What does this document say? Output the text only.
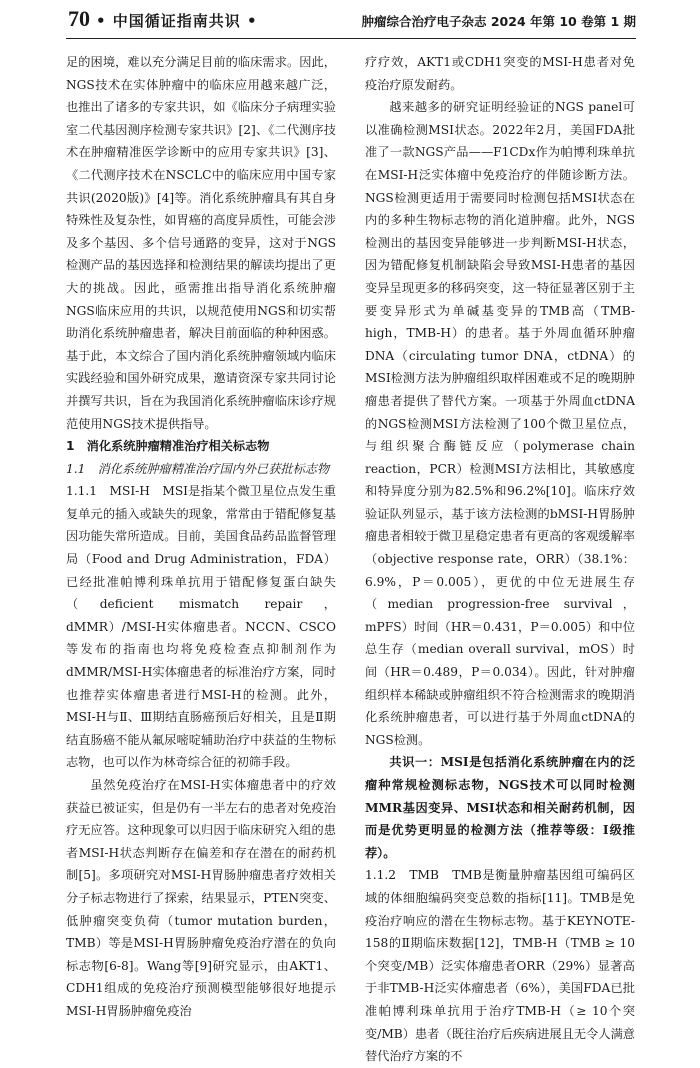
70 • 中国循证指南共识 •	肿瘤综合治疗电子杂志 2024 年第 10 卷第 1 期

足的困境，难以充分满足目前的临床需求。因此，NGS技术在实体肿瘤中的临床应用越来越广泛，也推出了诸多的专家共识，如《临床分子病理实验室二代基因测序检测专家共识》[2]、《二代测序技术在肿瘤精准医学诊断中的应用专家共识》[3]、《二代测序技术在NSCLC中的临床应用中国专家共识(2020版)》[4]等。消化系统肿瘤具有其自身特殊性及复杂性，如胃癌的高度异质性，可能会涉及多个基因、多个信号通路的变异，这对于NGS检测产品的基因选择和检测结果的解读均提出了更大的挑战。因此，亟需推出指导消化系统肿瘤NGS临床应用的共识，以规范使用NGS和切实帮助消化系统肿瘤患者，解决目前面临的种种困惑。基于此，本文综合了国内消化系统肿瘤领域内临床实践经验和国外研究成果，邀请资深专家共同讨论并撰写共识，旨在为我国消化系统肿瘤临床诊疗规范使用NGS技术提供指导。

1　消化系统肿瘤精准治疗相关标志物

1.1　消化系统肿瘤精准治疗国内外已获批标志物

1.1.1　MSI-H　MSI是指某个微卫星位点发生重复单元的插入或缺失的现象，常常由于错配修复基因功能失常所造成。目前，美国食品药品监督管理局（Food and Drug Administration，FDA）已经批准帕博利珠单抗用于错配修复蛋白缺失（deficient mismatch repair，dMMR）/MSI-H实体瘤患者。NCCN、CSCO等发布的指南也均将免疫检查点抑制剂作为dMMR/MSI-H实体瘤患者的标准治疗方案，同时也推荐实体瘤患者进行MSI-H的检测。此外，MSI-H与Ⅱ、Ⅲ期结直肠癌预后好相关，且是Ⅱ期结直肠癌不能从氟尿嘧啶辅助治疗中获益的生物标志物，也可以作为林奇综合征的初筛手段。

虽然免疫治疗在MSI-H实体瘤患者中的疗效获益已被证实，但是仍有一半左右的患者对免疫治疗无应答。这种现象可以归因于临床研究入组的患者MSI-H状态判断存在偏差和存在潜在的耐药机制[5]。多项研究对MSI-H胃肠肿瘤患者疗效相关分子标志物进行了探索，结果显示，PTEN突变、低肿瘤突变负荷（tumor mutation burden，TMB）等是MSI-H胃肠肿瘤免疫治疗潜在的负向标志物[6-8]。Wang等[9]研究显示，由AKT1、CDH1组成的免疫治疗预测模型能够很好地提示MSI-H胃肠肿瘤免疫治

疗疗效，AKT1或CDH1突变的MSI-H患者对免疫治疗原发耐药。

越来越多的研究证明经验证的NGS panel可以准确检测MSI状态。2022年2月，美国FDA批准了一款NGS产品——F1CDx作为帕博利珠单抗在MSI-H泛实体瘤中免疫治疗的伴随诊断方法。NGS检测更适用于需要同时检测包括MSI状态在内的多种生物标志物的消化道肿瘤。此外，NGS检测出的基因变异能够进一步判断MSI-H状态，因为错配修复机制缺陷会导致MSI-H患者的基因变异呈现更多的移码突变，这一特征显著区别于主要变异形式为单碱基变异的TMB高（TMB-high，TMB-H）的患者。基于外周血循环肿瘤DNA（circulating tumor DNA，ctDNA）的MSI检测方法为肿瘤组织取样困难或不足的晚期肿瘤患者提供了替代方案。一项基于外周血ctDNA的NGS检测MSI方法检测了100个微卫星位点，与组织聚合酶链反应（polymerase chain reaction，PCR）检测MSI方法相比，其敏感度和特异度分别为82.5%和96.2%[10]。临床疗效验证队列显示，基于该方法检测的bMSI-H胃肠肿瘤患者相较于微卫星稳定患者有更高的客观缓解率（objective response rate，ORR）（38.1%：6.9%，P＝0.005），更优的中位无进展生存（median progression-free survival，mPFS）时间（HR＝0.431，P＝0.005）和中位总生存（median overall survival，mOS）时间（HR＝0.489，P＝0.034）。因此，针对肿瘤组织样本稀缺或肿瘤组织不符合检测需求的晚期消化系统肿瘤患者，可以进行基于外周血ctDNA的NGS检测。

共识一：MSI是包括消化系统肿瘤在内的泛瘤种常规检测标志物，NGS技术可以同时检测MMR基因变异、MSI状态和相关耐药机制，因而是优势更明显的检测方法（推荐等级：Ⅰ级推荐）。

1.1.2　TMB　TMB是衡量肿瘤基因组可编码区域的体细胞编码突变总数的指标[11]。TMB是免疫治疗响应的潜在生物标志物。基于KEYNOTE-158的Ⅱ期临床数据[12]，TMB-H（TMB ≥ 10 个突变/MB）泛实体瘤患者ORR（29%）显著高于非TMB-H泛实体瘤患者（6%），美国FDA已批准帕博利珠单抗用于治疗TMB-H（≥ 10个突变/MB）患者（既往治疗后疾病进展且无令人满意替代治疗方案的不
